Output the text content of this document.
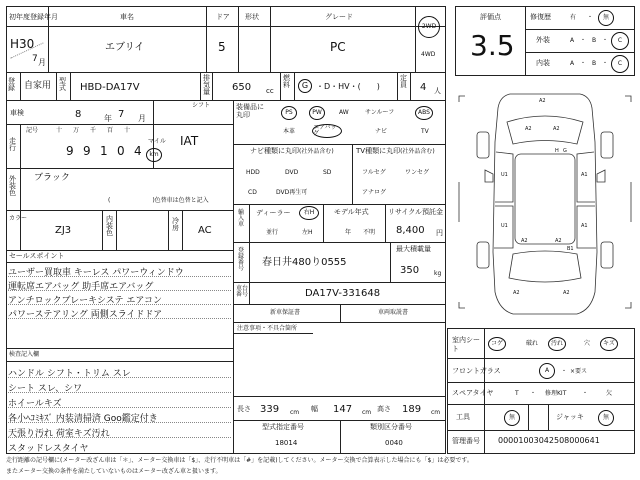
初年度登録年月
H30
7 月
車名
エブリイ
ドア
5
形状	グレード
PC
2WD
4WD
登録	自家用 型式	HBD-DA17V
排気量 650 cc
燃料 G ・D・HV・(　　)
定員 4 人
車検	8	年 7 月
シフト
IAT
走行
記号	十 万 千 百 十
9 9 1 0 4
マイル
km
外装色
ブラック
(　　　　　　　)色替車は色替と記入
カラー
ZJ3
内装色
冷房 AC
セールスポイント
ユーザー買取車 キーレス パワーウィンドウ
運転席エアバッグ 助手席エアバッグ
アンチロックブレーキシステ エアコン
パワーステアリング 両側スライドドア
検査記入欄
ハンドル シフト・トリム スレ
シート スレ、シワ
ホイールキズ
各小ﾍｺﾐｷｽﾞ 内装清掃済 Goo鑑定付き
天張り汚れ 荷室キズ汚れ
スタッドレスタイヤ
装備品に丸印	PS	PW	AW	サンルーフ	ABS
本革
エアバッグ	ナビ	TV
ナビ種類に丸印(社外品含む)	TV種類に丸印(社外品含む)
HDD	DVD	SD
CD	DVD再生可
フルセグ	ワンセグ
アナログ
輸入車
ディーラー 右H
並行	左H
モデル年式
年　　不明
リサイクル預託金
8,400 円
登録番号
春日井480り0555
最大積載量
350 kg
車台番号	DA17V-331648
新車保証書	車両取説書
注意事項・不具合箇所
長さ 339 cm 幅 147 cm 高さ 189 cm
型式指定番号
18014
類別区分番号
0040
評価点
3.5
修復歴	有 ・ 無
外装	A ・ B ・ C
内装	A ・ B ・ C
A2
A2
A2
U1
U1
A1
A1
A2	A2
B1
A2	A2
H G
室内シート
コゲ	破れ 汚れ	穴 キズ
フロントガラス	A ・ ×要ス
スペアタイヤ	T ・ 修理KIT	・	欠
工具	無	ジャッキ	無
管理番号 00001003042508000641
走行距離の記号欄に(メーター改ざん車は「＊」、メーター交換車は「$」、走行不明車は「#」を記載)してください。メーター交換で合算表示した場合にも「$」は必要です。
またメーター交換の条件を満たしていないものはメーター改ざん車と扱います。
